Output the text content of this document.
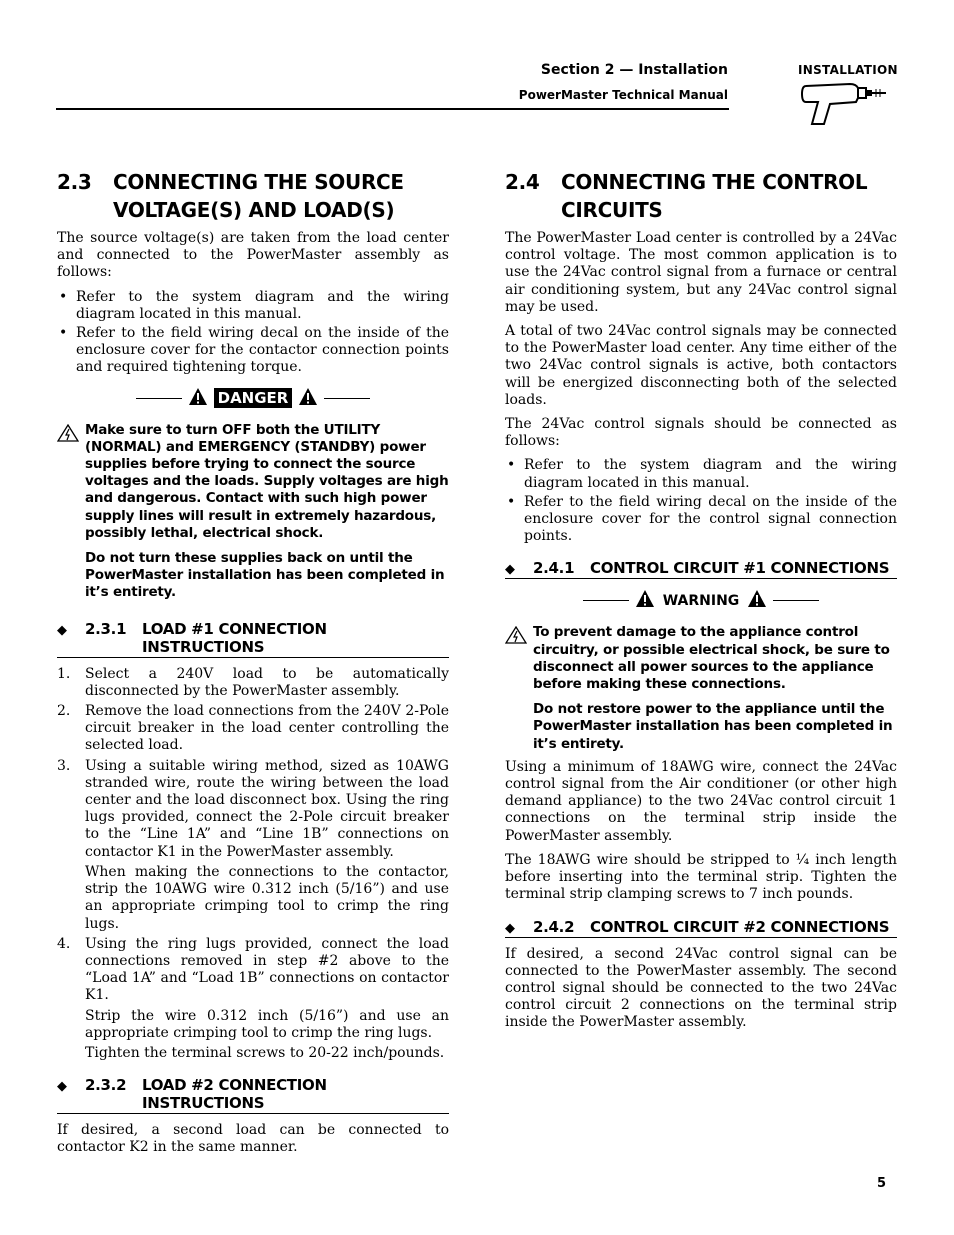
Section 2 — Installation
PowerMaster Technical Manual
INSTALLATION
2.3	CONNECTING THE SOURCE
VOLTAGE(S) AND LOAD(S)

The source voltage(s) are taken from the load center and connected to the PowerMaster assembly as follows:

• Refer to the system diagram and the wiring diagram located in this manual.
• Refer to the field wiring decal on the inside of the enclosure cover for the contactor connection points and required tightening torque.
DANGER
Make sure to turn OFF both the UTILITY (NORMAL) and EMERGENCY (STANDBY) power supplies before trying to connect the source voltages and the loads. Supply voltages are high and dangerous. Contact with such high power supply lines will result in extremely hazardous, possibly lethal, electrical shock.
Do not turn these supplies back on until the PowerMaster installation has been completed in it’s entirety.
◆	2.3.1	LOAD #1 CONNECTION INSTRUCTIONS
1. Select a 240V load to be automatically disconnected by the PowerMaster assembly.

2. Remove the load connections from the 240V 2-Pole circuit breaker in the load center controlling the selected load.

3. Using a suitable wiring method, sized as 10AWG stranded wire, route the wiring between the load center and the load disconnect box. Using the ring lugs provided, connect the 2-Pole circuit breaker to the “Line 1A” and “Line 1B” connections on contactor K1 in the PowerMaster assembly.

When making the connections to the contactor, strip the 10AWG wire 0.312 inch (5/16”) and use an appropriate crimping tool to crimp the ring lugs.

4. Using the ring lugs provided, connect the load connections removed in step #2 above to the “Load 1A” and “Load 1B” connections on contactor K1.

Strip the wire 0.312 inch (5/16”) and use an appropriate crimping tool to crimp the ring lugs.

Tighten the terminal screws to 20-22 inch/pounds.

◆	2.3.2	LOAD #2 CONNECTION INSTRUCTIONS

If desired, a second load can be connected to contactor K2 in the same manner.

2.4	CONNECTING THE CONTROL
CIRCUITS

The PowerMaster Load center is controlled by a 24Vac control voltage. The most common application is to use the 24Vac control signal from a furnace or central air conditioning system, but any 24Vac control signal may be used.

A total of two 24Vac control signals may be connected to the PowerMaster load center. Any time either of the two 24Vac control signals is active, both contactors will be energized disconnecting both of the selected loads.

The 24Vac control signals should be connected as follows:

• Refer to the system diagram and the wiring diagram located in this manual.
• Refer to the field wiring decal on the inside of the enclosure cover for the control signal connection points.
◆	2.4.1	CONTROL CIRCUIT #1 CONNECTIONS
WARNING
To prevent damage to the appliance control circuitry, or possible electrical shock, be sure to disconnect all power sources to the appliance before making these connections.
Do not restore power to the appliance until the PowerMaster installation has been completed in it’s entirety.

Using a minimum of 18AWG wire, connect the 24Vac control signal from the Air conditioner (or other high demand appliance) to the two 24Vac control circuit 1 connections on the terminal strip inside the PowerMaster assembly.

The 18AWG wire should be stripped to ¹⁄₄ inch length before inserting into the terminal strip. Tighten the terminal strip clamping screws to 7 inch pounds.

◆	2.4.2	CONTROL CIRCUIT #2 CONNECTIONS

If desired, a second 24Vac control signal can be connected to the PowerMaster assembly. The second control signal should be connected to the two 24Vac control circuit 2 connections on the terminal strip inside the PowerMaster assembly.

5
